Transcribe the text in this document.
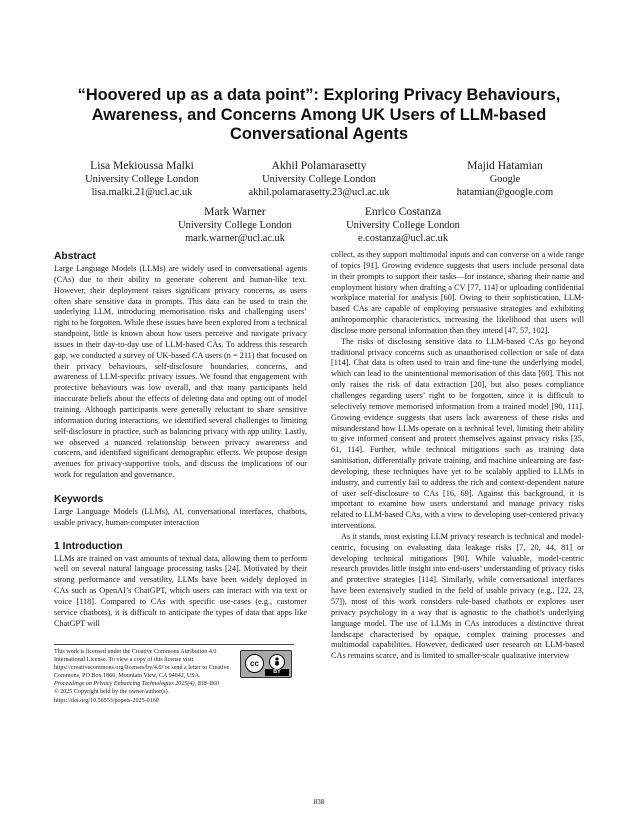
“Hoovered up as a data point”: Exploring Privacy Behaviours, Awareness, and Concerns Among UK Users of LLM-based Conversational Agents
Lisa Mekioussa Malki
University College London
lisa.malki.21@ucl.ac.uk
Akhil Polamarasetty
University College London
akhil.polamarasetty.23@ucl.ac.uk
Majid Hatamian
Google
hatamian@google.com
Mark Warner
University College London
mark.warner@ucl.ac.uk
Enrico Costanza
University College London
e.costanza@ucl.ac.uk
Abstract

Large Language Models (LLMs) are widely used in conversational agents (CAs) due to their ability to generate coherent and human-like text. However, their deployment raises significant privacy concerns, as users often share sensitive data in prompts. This data can be used to train the underlying LLM, introducing memorisation risks and challenging users’ right to be forgotten. While these issues have been explored from a technical standpoint, little is known about how users perceive and navigate privacy issues in their day-to-day use of LLM-based CAs. To address this research gap, we conducted a survey of UK-based CA users (n = 211) that focused on their privacy behaviours, self-disclosure boundaries, concerns, and awareness of LLM-specific privacy issues. We found that engagement with protective behaviours was low overall, and that many participants held inaccurate beliefs about the effects of deleting data and opting out of model training. Although participants were generally reluctant to share sensitive information during interactions, we identified several challenges to limiting self-disclosure in practice, such as balancing privacy with app utility. Lastly, we observed a nuanced relationship between privacy awareness and concern, and identified significant demographic effects. We propose design avenues for privacy-supportive tools, and discuss the implications of our work for regulation and governance.

Keywords

Large Language Models (LLMs), AI, conversational interfaces, chatbots, usable privacy, human-computer interaction

1 Introduction

LLMs are trained on vast amounts of textual data, allowing them to perform well on several natural language processing tasks [24]. Motivated by their strong performance and versatility, LLMs have been widely deployed in CAs such as OpenAI’s ChatGPT, which users can interact with via text or voice [118]. Compared to CAs with specific use-cases (e.g., customer service chatbots), it is difficult to anticipate the types of data that apps like ChatGPT will

This work is licensed under the Creative Commons Attribution 4.0 International License. To view a copy of this license visit https://creativecommons.org/licenses/by/4.0/ or send a letter to Creative Commons, PO Box 1866, Mountain View, CA 94042, USA.
Proceedings on Privacy Enhancing Technologies 2025(4), 838–860
© 2025 Copyright held by the owner/author(s).
https://doi.org/10.56553/popets-2025-0160
cc
BY

collect, as they support multimodal inputs and can converse on a wide range of topics [91]. Growing evidence suggests that users include personal data in their prompts to support their tasks—for instance, sharing their name and employment history when drafting a CV [77, 114] or uploading confidential workplace material for analysis [60]. Owing to their sophistication, LLM-based CAs are capable of employing persuasive strategies and exhibiting anthropomorphic characteristics, increasing the likelihood that users will disclose more personal information than they intend [47, 57, 102].

The risks of disclosing sensitive data to LLM-based CAs go beyond traditional privacy concerns such as unauthorised collection or sale of data [114]. Chat data is often used to train and fine-tune the underlying model, which can lead to the unintentional memorisation of this data [60]. This not only raises the risk of data extraction [20], but also poses compliance challenges regarding users’ right to be forgotten, since it is difficult to selectively remove memorised information from a trained model [90, 111]. Growing evidence suggests that users lack awareness of these risks and misunderstand how LLMs operate on a technical level, limiting their ability to give informed consent and protect themselves against privacy risks [35, 61, 114]. Further, while technical mitigations such as training data sanitisation, differentially private training, and machine unlearning are fast-developing, these techniques have yet to be scalably applied to LLMs in industry, and currently fail to address the rich and context-dependent nature of user self-disclosure to CAs [16, 69]. Against this background, it is important to examine how users understand and manage privacy risks related to LLM-based CAs, with a view to developing user-centered privacy interventions.

As it stands, most existing LLM privacy research is technical and model-centric, focusing on evaluating data leakage risks [7, 20, 44, 81] or developing technical mitigations [90]. While valuable, model-centric research provides little insight into end-users’ understanding of privacy risks and protective strategies [114]. Similarly, while conversational interfaces have been extensively studied in the field of usable privacy (e.g., [22, 23, 57]), most of this work considers rule-based chatbots or explores user privacy psychology in a way that is agnostic to the chatbot’s underlying language model. The use of LLMs in CAs introduces a distinctive threat landscape characterised by opaque, complex training processes and multimodal capabilities. However, dedicated user research on LLM-based CAs remains scarce, and is limited to smaller-scale qualitative interview

838
